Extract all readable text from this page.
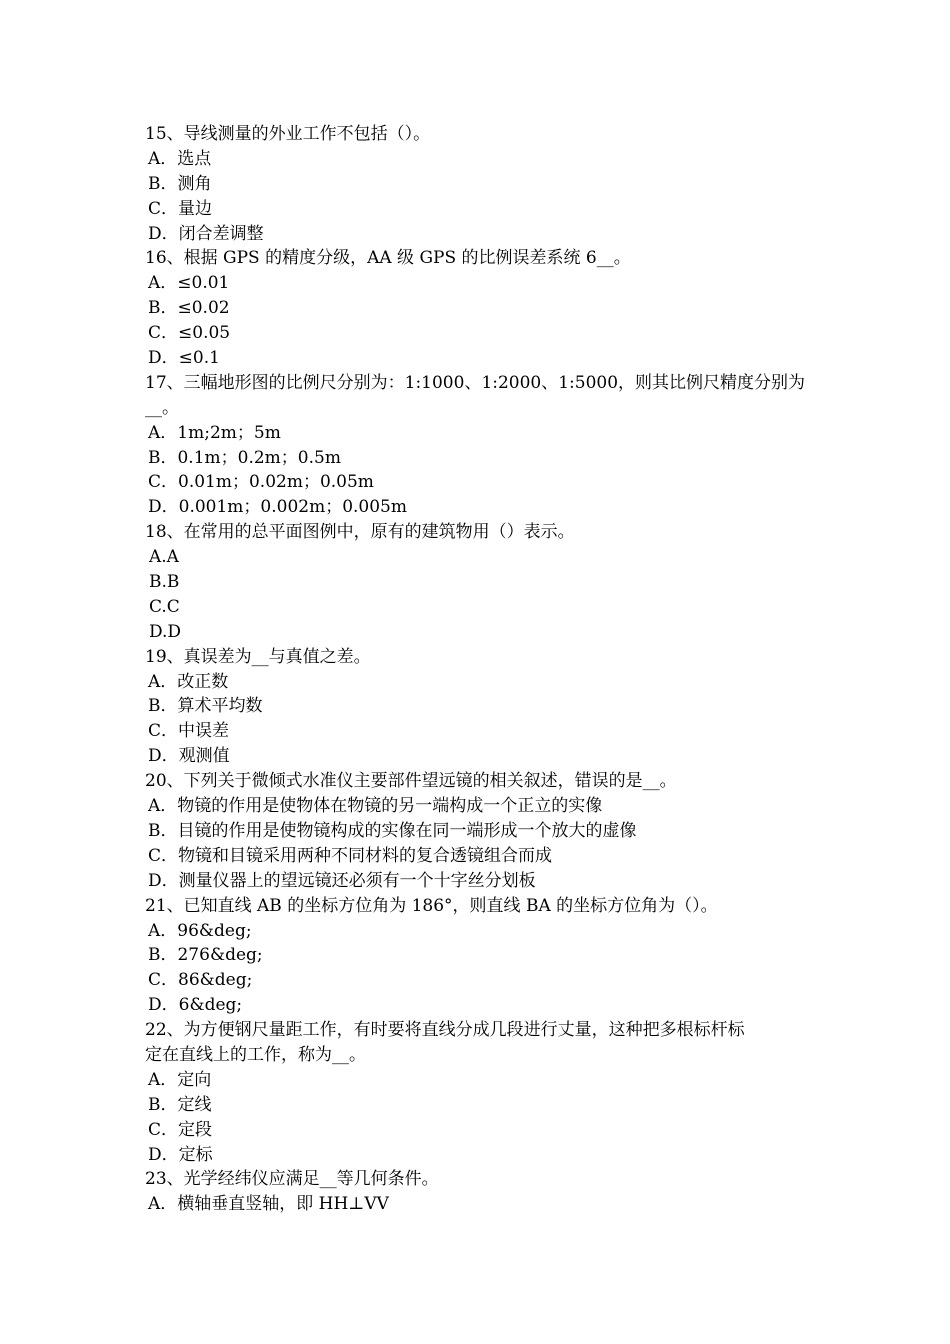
15、导线测量的外业工作不包括（）。
A．选点
B．测角
C．量边
D．闭合差调整
16、根据 GPS 的精度分级，AA 级 GPS 的比例误差系统 6__。
A．≤0.01
B．≤0.02
C．≤0.05
D．≤0.1
17、三幅地形图的比例尺分别为：1:1000、1:2000、1:5000，则其比例尺精度分别为
__。
A．1m;2m；5m
B．0.1m；0.2m；0.5m
C．0.01m；0.02m；0.05m
D．0.001m；0.002m；0.005m
18、在常用的总平面图例中，原有的建筑物用（）表示。
A.A
B.B
C.C
D.D
19、真误差为__与真值之差。
A．改正数
B．算术平均数
C．中误差
D．观测值
20、下列关于微倾式水准仪主要部件望远镜的相关叙述，错误的是__。
A．物镜的作用是使物体在物镜的另一端构成一个正立的实像
B．目镜的作用是使物镜构成的实像在同一端形成一个放大的虚像
C．物镜和目镜采用两种不同材料的复合透镜组合而成
D．测量仪器上的望远镜还必须有一个十字丝分划板
21、已知直线 AB 的坐标方位角为 186°，则直线 BA 的坐标方位角为（）。
A．96&deg;
B．276&deg;
C．86&deg;
D．6&deg;
22、为方便钢尺量距工作，有时要将直线分成几段进行丈量，这种把多根标杆标
定在直线上的工作，称为__。
A．定向
B．定线
C．定段
D．定标
23、光学经纬仪应满足__等几何条件。
A．横轴垂直竖轴，即 HH⊥VV
